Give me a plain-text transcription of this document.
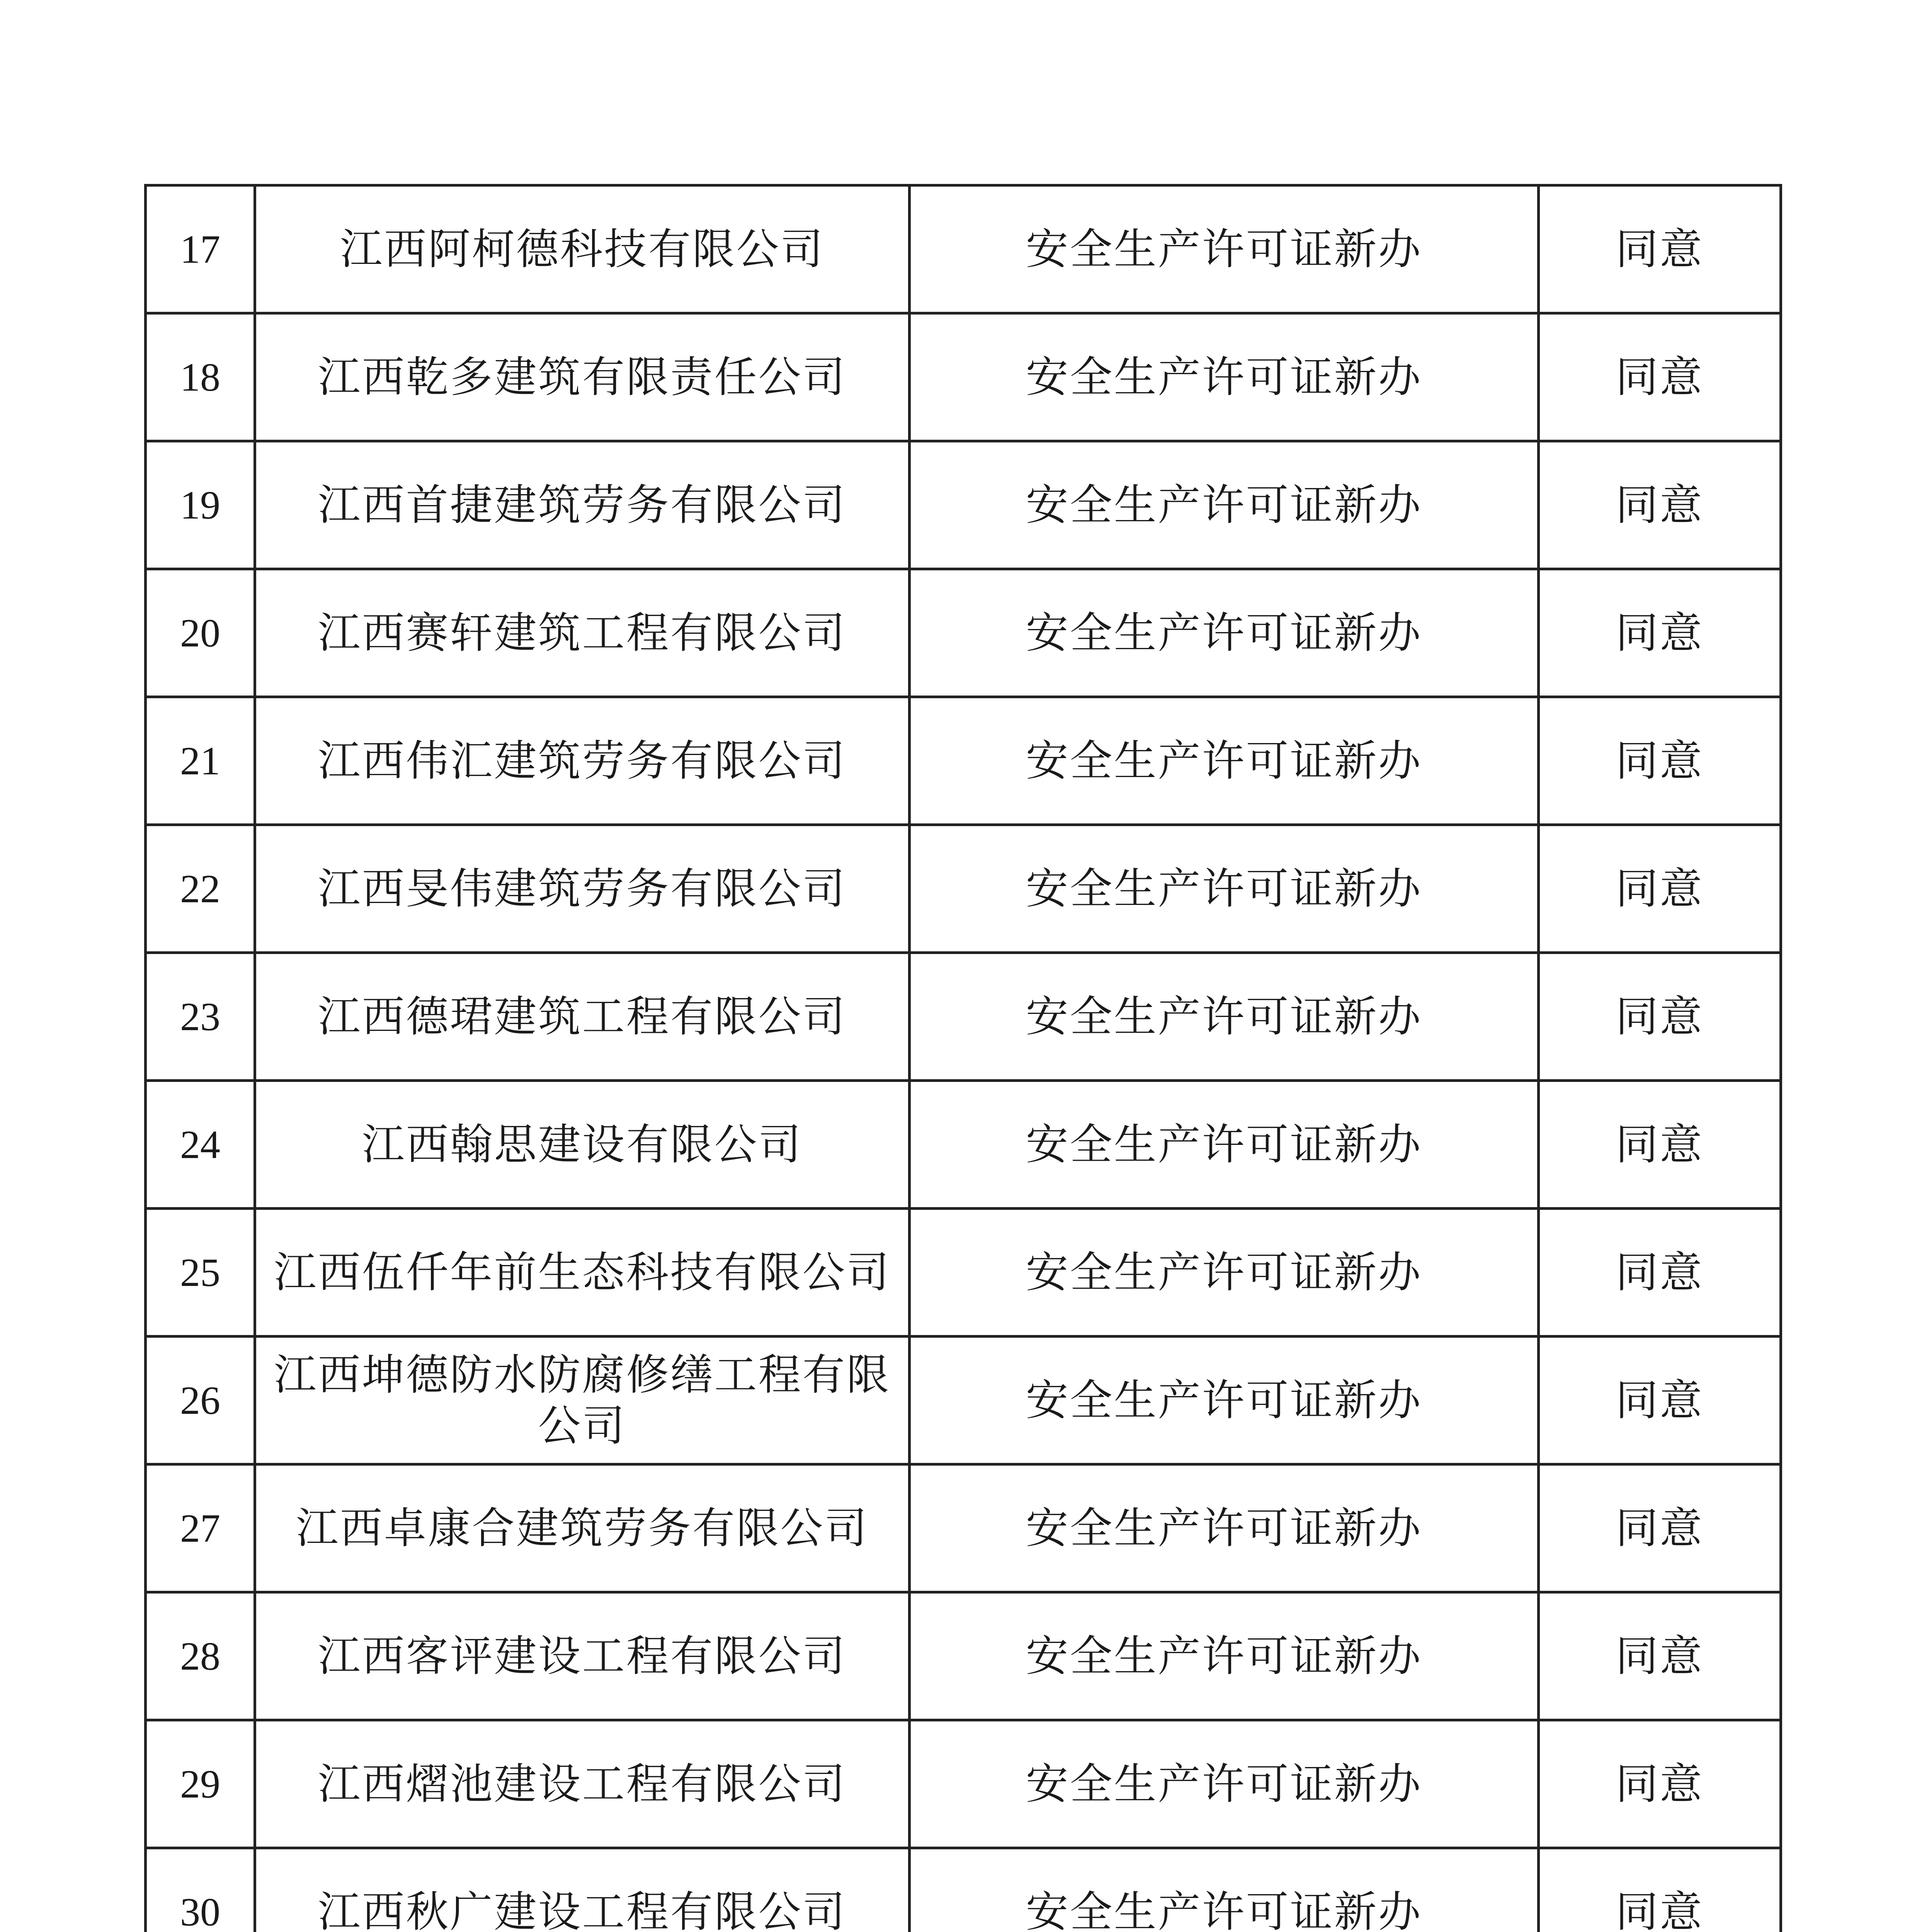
17	江西阿柯德科技有限公司	安全生产许可证新办	同意
18	江西乾多建筑有限责任公司	安全生产许可证新办	同意
19	江西首捷建筑劳务有限公司	安全生产许可证新办	同意
20	江西赛轩建筑工程有限公司	安全生产许可证新办	同意
21	江西伟汇建筑劳务有限公司	安全生产许可证新办	同意
22	江西旻伟建筑劳务有限公司	安全生产许可证新办	同意
23	江西德珺建筑工程有限公司	安全生产许可证新办	同意
24	江西翰思建设有限公司	安全生产许可证新办	同意
25	江西伍仟年前生态科技有限公司	安全生产许可证新办	同意
26	江西坤德防水防腐修缮工程有限公司	安全生产许可证新办	同意
27	江西卓康合建筑劳务有限公司	安全生产许可证新办	同意
28	江西客评建设工程有限公司	安全生产许可证新办	同意
29	江西熠池建设工程有限公司	安全生产许可证新办	同意
30	江西秋广建设工程有限公司	安全生产许可证新办	同意
